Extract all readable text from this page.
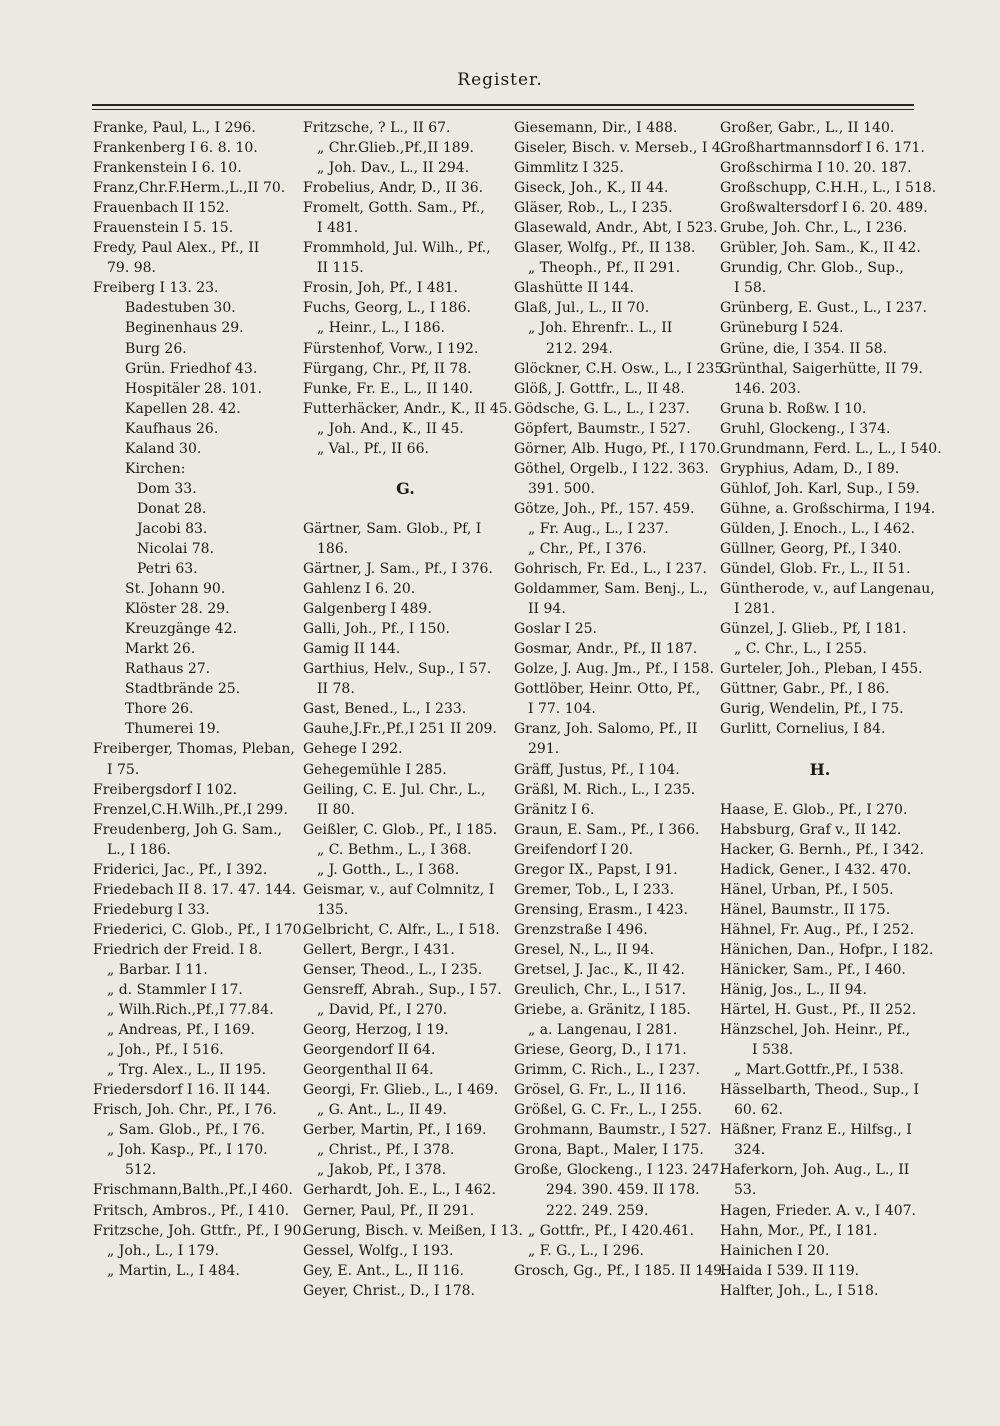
Register.
Franke, Paul, L., I 296.
Frankenberg I 6. 8. 10.
Frankenstein I 6. 10.
Franz,Chr.F.Herm.,L.,II 70.
Frauenbach II 152.
Frauenstein I 5. 15.
Fredy, Paul Alex., Pf., II
79. 98.
Freiberg I 13. 23.
Badestuben 30.
Beginenhaus 29.
Burg 26.
Grün. Friedhof 43.
Hospitäler 28. 101.
Kapellen 28. 42.
Kaufhaus 26.
Kaland 30.
Kirchen:
Dom 33.
Donat 28.
Jacobi 83.
Nicolai 78.
Petri 63.
St. Johann 90.
Klöster 28. 29.
Kreuzgänge 42.
Markt 26.
Rathaus 27.
Stadtbrände 25.
Thore 26.
Thumerei 19.
Freiberger, Thomas, Pleban,
I 75.
Freibergsdorf I 102.
Frenzel,C.H.Wilh.,Pf.,I 299.
Freudenberg, Joh G. Sam.,
L., I 186.
Friderici, Jac., Pf., I 392.
Friedebach II 8. 17. 47. 144.
Friedeburg I 33.
Friederici, C. Glob., Pf., I 170.
Friedrich der Freid. I 8.
„ Barbar. I 11.
„ d. Stammler I 17.
„ Wilh.Rich.,Pf.,I 77.84.
„ Andreas, Pf., I 169.
„ Joh., Pf., I 516.
„ Trg. Alex., L., II 195.
Friedersdorf I 16. II 144.
Frisch, Joh. Chr., Pf., I 76.
„ Sam. Glob., Pf., I 76.
„ Joh. Kasp., Pf., I 170.
512.
Frischmann,Balth.,Pf.,I 460.
Fritsch, Ambros., Pf., I 410.
Fritzsche, Joh. Gttfr., Pf., I 90.
„ Joh., L., I 179.
„ Martin, L., I 484.
Fritzsche, ? L., II 67.
„ Chr.Glieb.,Pf.,II 189.
„ Joh. Dav., L., II 294.
Frobelius, Andr, D., II 36.
Fromelt, Gotth. Sam., Pf.,
I 481.
Frommhold, Jul. Wilh., Pf.,
II 115.
Frosin, Joh, Pf., I 481.
Fuchs, Georg, L., I 186.
„ Heinr., L., I 186.
Fürstenhof, Vorw., I 192.
Fürgang, Chr., Pf, II 78.
Funke, Fr. E., L., II 140.
Futterhäcker, Andr., K., II 45.
„ Joh. And., K., II 45.
„ Val., Pf., II 66.
G.
Gärtner, Sam. Glob., Pf, I
186.
Gärtner, J. Sam., Pf., I 376.
Gahlenz I 6. 20.
Galgenberg I 489.
Galli, Joh., Pf., I 150.
Gamig II 144.
Garthius, Helv., Sup., I 57.
II 78.
Gast, Bened., L., I 233.
Gauhe,J.Fr.,Pf.,I 251 II 209.
Gehege I 292.
Gehegemühle I 285.
Geiling, C. E. Jul. Chr., L.,
II 80.
Geißler, C. Glob., Pf., I 185.
„ C. Bethm., L., I 368.
„ J. Gotth., L., I 368.
Geismar, v., auf Colmnitz, I
135.
Gelbricht, C. Alfr., L., I 518.
Gellert, Bergr., I 431.
Genser, Theod., L., I 235.
Gensreff, Abrah., Sup., I 57.
„ David, Pf., I 270.
Georg, Herzog, I 19.
Georgendorf II 64.
Georgenthal II 64.
Georgi, Fr. Glieb., L., I 469.
„ G. Ant., L., II 49.
Gerber, Martin, Pf., I 169.
„ Christ., Pf., I 378.
„ Jakob, Pf., I 378.
Gerhardt, Joh. E., L., I 462.
Gerner, Paul, Pf., II 291.
Gerung, Bisch. v. Meißen, I 13.
Gessel, Wolfg., I 193.
Gey, E. Ant., L., II 116.
Geyer, Christ., D., I 178.
Giesemann, Dir., I 488.
Giseler, Bisch. v. Merseb., I 4.
Gimmlitz I 325.
Giseck, Joh., K., II 44.
Gläser, Rob., L., I 235.
Glasewald, Andr., Abt, I 523.
Glaser, Wolfg., Pf., II 138.
„ Theoph., Pf., II 291.
Glashütte II 144.
Glaß, Jul., L., II 70.
„ Joh. Ehrenfr.. L., II
212. 294.
Glöckner, C.H. Osw., L., I 235.
Glöß, J. Gottfr., L., II 48.
Gödsche, G. L., L., I 237.
Göpfert, Baumstr., I 527.
Görner, Alb. Hugo, Pf., I 170.
Göthel, Orgelb., I 122. 363.
391. 500.
Götze, Joh., Pf., 157. 459.
„ Fr. Aug., L., I 237.
„ Chr., Pf., I 376.
Gohrisch, Fr. Ed., L., I 237.
Goldammer, Sam. Benj., L.,
II 94.
Goslar I 25.
Gosmar, Andr., Pf., II 187.
Golze, J. Aug. Jm., Pf., I 158.
Gottlöber, Heinr. Otto, Pf.,
I 77. 104.
Granz, Joh. Salomo, Pf., II
291.
Gräff, Justus, Pf., I 104.
Gräßl, M. Rich., L., I 235.
Gränitz I 6.
Graun, E. Sam., Pf., I 366.
Greifendorf I 20.
Gregor IX., Papst, I 91.
Gremer, Tob., L, I 233.
Grensing, Erasm., I 423.
Grenzstraße I 496.
Gresel, N., L., II 94.
Gretsel, J. Jac., K., II 42.
Greulich, Chr., L., I 517.
Griebe, a. Gränitz, I 185.
„ a. Langenau, I 281.
Griese, Georg, D., I 171.
Grimm, C. Rich., L., I 237.
Grösel, G. Fr., L., II 116.
Größel, G. C. Fr., L., I 255.
Grohmann, Baumstr., I 527.
Grona, Bapt., Maler, I 175.
Große, Glockeng., I 123. 247.
294. 390. 459. II 178.
222. 249. 259.
„ Gottfr., Pf., I 420.461.
„ F. G., L., I 296.
Grosch, Gg., Pf., I 185. II 149.
Großer, Gabr., L., II 140.
Großhartmannsdorf I 6. 171.
Großschirma I 10. 20. 187.
Großschupp, C.H.H., L., I 518.
Großwaltersdorf I 6. 20. 489.
Grube, Joh. Chr., L., I 236.
Grübler, Joh. Sam., K., II 42.
Grundig, Chr. Glob., Sup.,
I 58.
Grünberg, E. Gust., L., I 237.
Grüneburg I 524.
Grüne, die, I 354. II 58.
Grünthal, Saigerhütte, II 79.
146. 203.
Gruna b. Roßw. I 10.
Gruhl, Glockeng., I 374.
Grundmann, Ferd. L., L., I 540.
Gryphius, Adam, D., I 89.
Gühlof, Joh. Karl, Sup., I 59.
Gühne, a. Großschirma, I 194.
Gülden, J. Enoch., L., I 462.
Güllner, Georg, Pf., I 340.
Gündel, Glob. Fr., L., II 51.
Güntherode, v., auf Langenau,
I 281.
Günzel, J. Glieb., Pf, I 181.
„ C. Chr., L., I 255.
Gurteler, Joh., Pleban, I 455.
Güttner, Gabr., Pf., I 86.
Gurig, Wendelin, Pf., I 75.
Gurlitt, Cornelius, I 84.
H.
Haase, E. Glob., Pf., I 270.
Habsburg, Graf v., II 142.
Hacker, G. Bernh., Pf., I 342.
Hadick, Gener., I 432. 470.
Hänel, Urban, Pf., I 505.
Hänel, Baumstr., II 175.
Hähnel, Fr. Aug., Pf., I 252.
Hänichen, Dan., Hofpr., I 182.
Hänicker, Sam., Pf., I 460.
Hänig, Jos., L., II 94.
Härtel, H. Gust., Pf., II 252.
Hänzschel, Joh. Heinr., Pf.,
I 538.
„ Mart.Gottfr.,Pf., I 538.
Hässelbarth, Theod., Sup., I
60. 62.
Häßner, Franz E., Hilfsg., I
324.
Haferkorn, Joh. Aug., L., II
53.
Hagen, Frieder. A. v., I 407.
Hahn, Mor., Pf., I 181.
Hainichen I 20.
Haida I 539. II 119.
Halfter, Joh., L., I 518.
